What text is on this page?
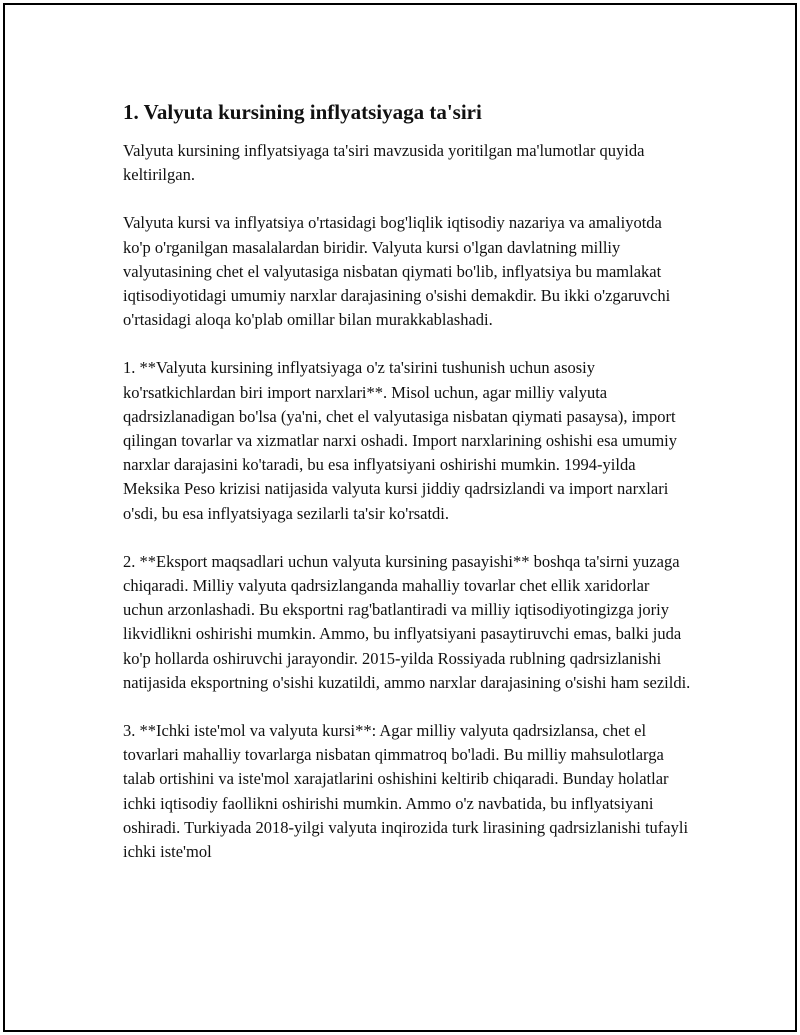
1. Valyuta kursining inflyatsiyaga ta'siri

Valyuta kursining inflyatsiyaga ta'siri mavzusida yoritilgan ma'lumotlar quyida keltirilgan.

Valyuta kursi va inflyatsiya o'rtasidagi bog'liqlik iqtisodiy nazariya va amaliyotda ko'p o'rganilgan masalalardan biridir. Valyuta kursi o'lgan davlatning milliy valyutasining chet el valyutasiga nisbatan qiymati bo'lib, inflyatsiya bu mamlakat iqtisodiyotidagi umumiy narxlar darajasining o'sishi demakdir. Bu ikki o'zgaruvchi o'rtasidagi aloqa ko'plab omillar bilan murakkablashadi.

1. **Valyuta kursining inflyatsiyaga o'z ta'sirini tushunish uchun asosiy ko'rsatkichlardan biri import narxlari**. Misol uchun, agar milliy valyuta qadrsizlanadigan bo'lsa (ya'ni, chet el valyutasiga nisbatan qiymati pasaysa), import qilingan tovarlar va xizmatlar narxi oshadi. Import narxlarining oshishi esa umumiy narxlar darajasini ko'taradi, bu esa inflyatsiyani oshirishi mumkin. 1994-yilda Meksika Peso krizisi natijasida valyuta kursi jiddiy qadrsizlandi va import narxlari o'sdi, bu esa inflyatsiyaga sezilarli ta'sir ko'rsatdi.

2. **Eksport maqsadlari uchun valyuta kursining pasayishi** boshqa ta'sirni yuzaga chiqaradi. Milliy valyuta qadrsizlanganda mahalliy tovarlar chet ellik xaridorlar uchun arzonlashadi. Bu eksportni rag'batlantiradi va milliy iqtisodiyotingizga joriy likvidlikni oshirishi mumkin. Ammo, bu inflyatsiyani pasaytiruvchi emas, balki juda ko'p hollarda oshiruvchi jarayondir. 2015-yilda Rossiyada rublning qadrsizlanishi natijasida eksportning o'sishi kuzatildi, ammo narxlar darajasining o'sishi ham sezildi.

3. **Ichki iste'mol va valyuta kursi**: Agar milliy valyuta qadrsizlansa, chet el tovarlari mahalliy tovarlarga nisbatan qimmatroq bo'ladi. Bu milliy mahsulotlarga talab ortishini va iste'mol xarajatlarini oshishini keltirib chiqaradi. Bunday holatlar ichki iqtisodiy faollikni oshirishi mumkin. Ammo o'z navbatida, bu inflyatsiyani oshiradi. Turkiyada 2018-yilgi valyuta inqirozida turk lirasining qadrsizlanishi tufayli ichki iste'mol
